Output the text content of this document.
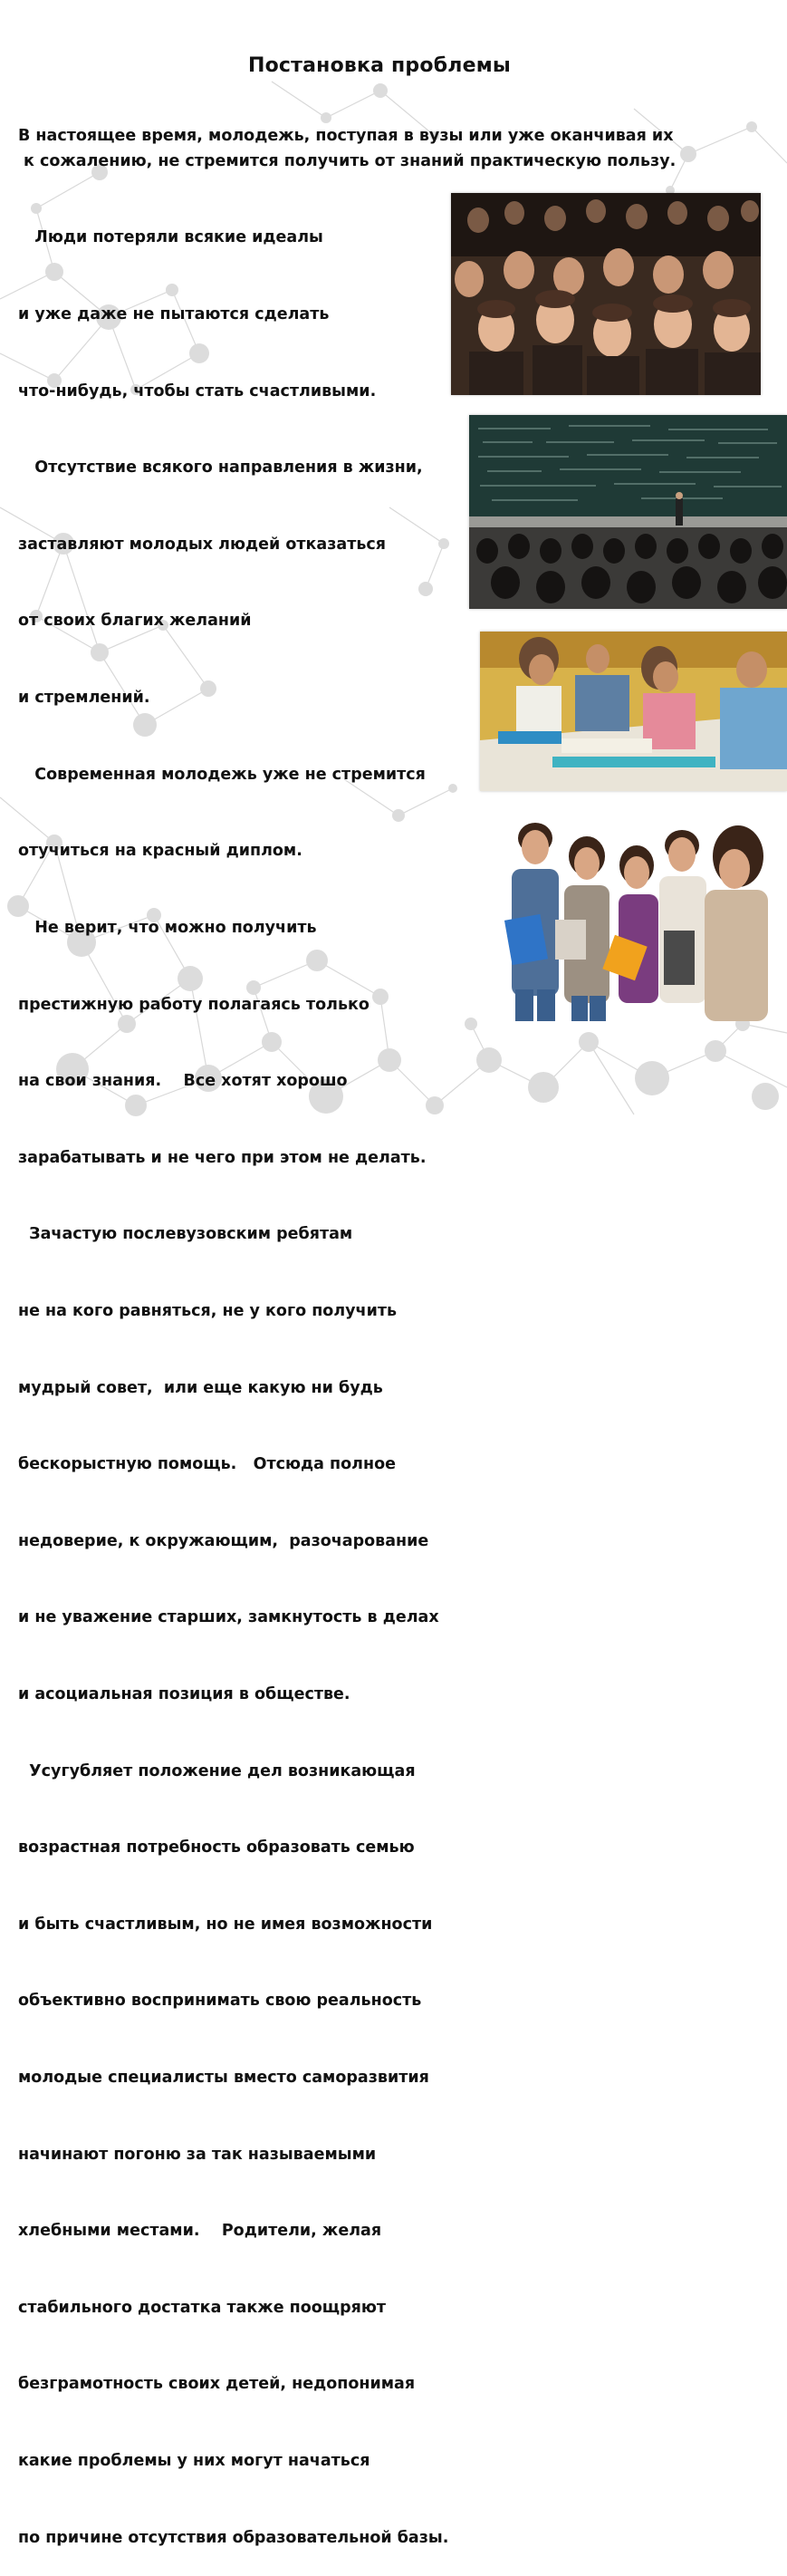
Постановка проблемы
В настоящее время, молодежь, поступая в вузы или уже оканчивая их
к сожалению, не стремится получить от знаний практическую пользу.

Люди потеряли всякие идеалы

и уже даже не пытаются сделать

что-нибудь, чтобы стать счастливыми.

Отсутствие всякого направления в жизни,

заставляют молодых людей отказаться

от своих благих желаний

и стремлений.

Современная молодежь уже не стремится

отучиться на красный диплом.

Не верит, что можно получить

престижную работу полагаясь только

на свои знания.    Все хотят хорошо

зарабатывать и не чего при этом не делать.

Зачастую послевузовским ребятам

не на кого равняться, не у кого получить

мудрый совет,  или еще какую ни будь

бескорыстную помощь.   Отсюда полное

недоверие, к окружающим,  разочарование

и не уважение старших, замкнутость в делах

и асоциальная позиция в обществе.

Усугубляет положение дел возникающая

возрастная потребность образовать семью

и быть счастливым, но не имея возможности

объективно воспринимать свою реальность

молодые специалисты вместо саморазвития

начинают погоню за так называемыми

хлебными местами.    Родители, желая

стабильного достатка также поощряют

безграмотность своих детей, недопонимая

какие проблемы у них могут начаться

по причине отсутствия образовательной базы.
